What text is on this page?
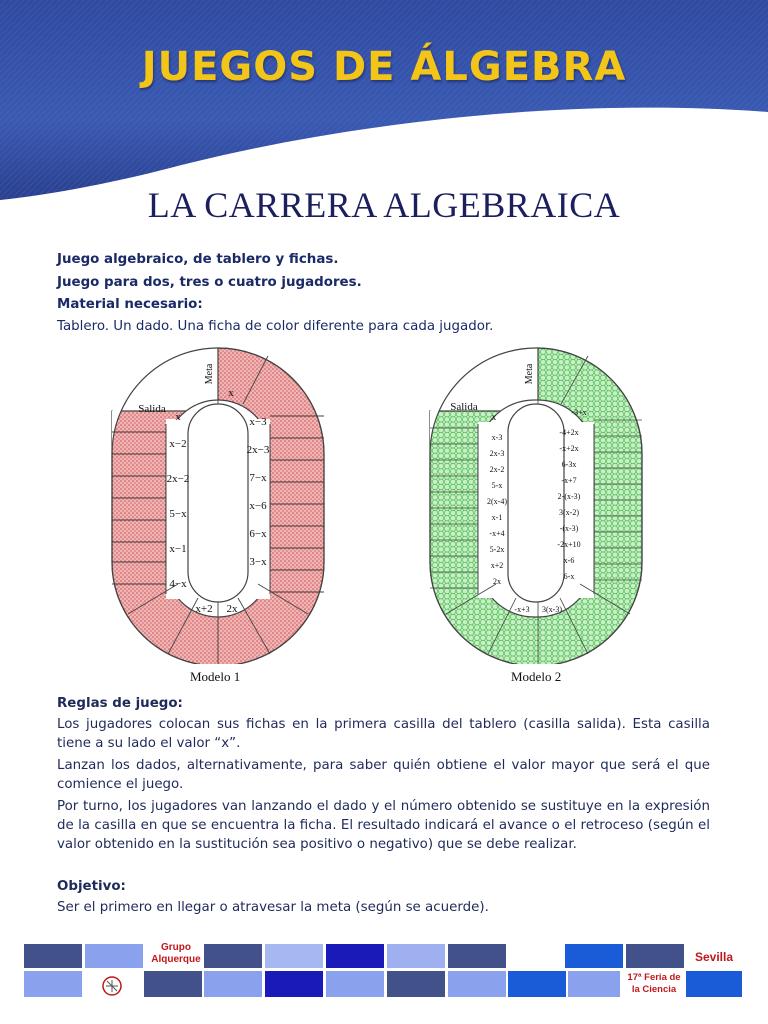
JUEGOS DE ÁLGEBRA
LA CARRERA ALGEBRAICA
Juego algebraico, de tablero y fichas.
Juego para dos, tres o cuatro jugadores.
Material necesario:
Tablero. Un dado. Una ficha de color diferente para cada jugador.
Salida
Meta
x
x
x−2
2x−2
5−x
x−1
4−x
x−3
2x−3
7−x
x−6
6−x
3−x
x+2 2x
Salida
Meta
x	-3+x
x-3
2x-3
2x-2
5-x
2(x-4)
x-1
-x+4
5-2x
x+2
2x
-4+2x
-x+2x
6-3x
-x+7
2-(x-3)
3(x-2)
-(x-3)
-2x+10
x-6
6-x
-x+3 3(x-3)
Modelo 1	Modelo 2
Reglas de juego:
Los jugadores colocan sus fichas en la primera casilla del tablero (casilla salida). Esta casilla tiene a su lado el valor “x”.
Lanzan los dados, alternativamente, para saber quién obtiene el valor mayor que será el que comience el juego.
Por turno, los jugadores van lanzando el dado y el número obtenido se sustituye en la expresión de la casilla en que se encuentra la ficha. El resultado indicará el avance o el retroceso (según el valor obtenido en la sustitución sea positivo o negativo) que se debe realizar.
Objetivo:
Ser el primero en llegar o atravesar la meta (según se acuerde).
Grupo
Alquerque	Sevilla
17ª Feria de
la Ciencia
